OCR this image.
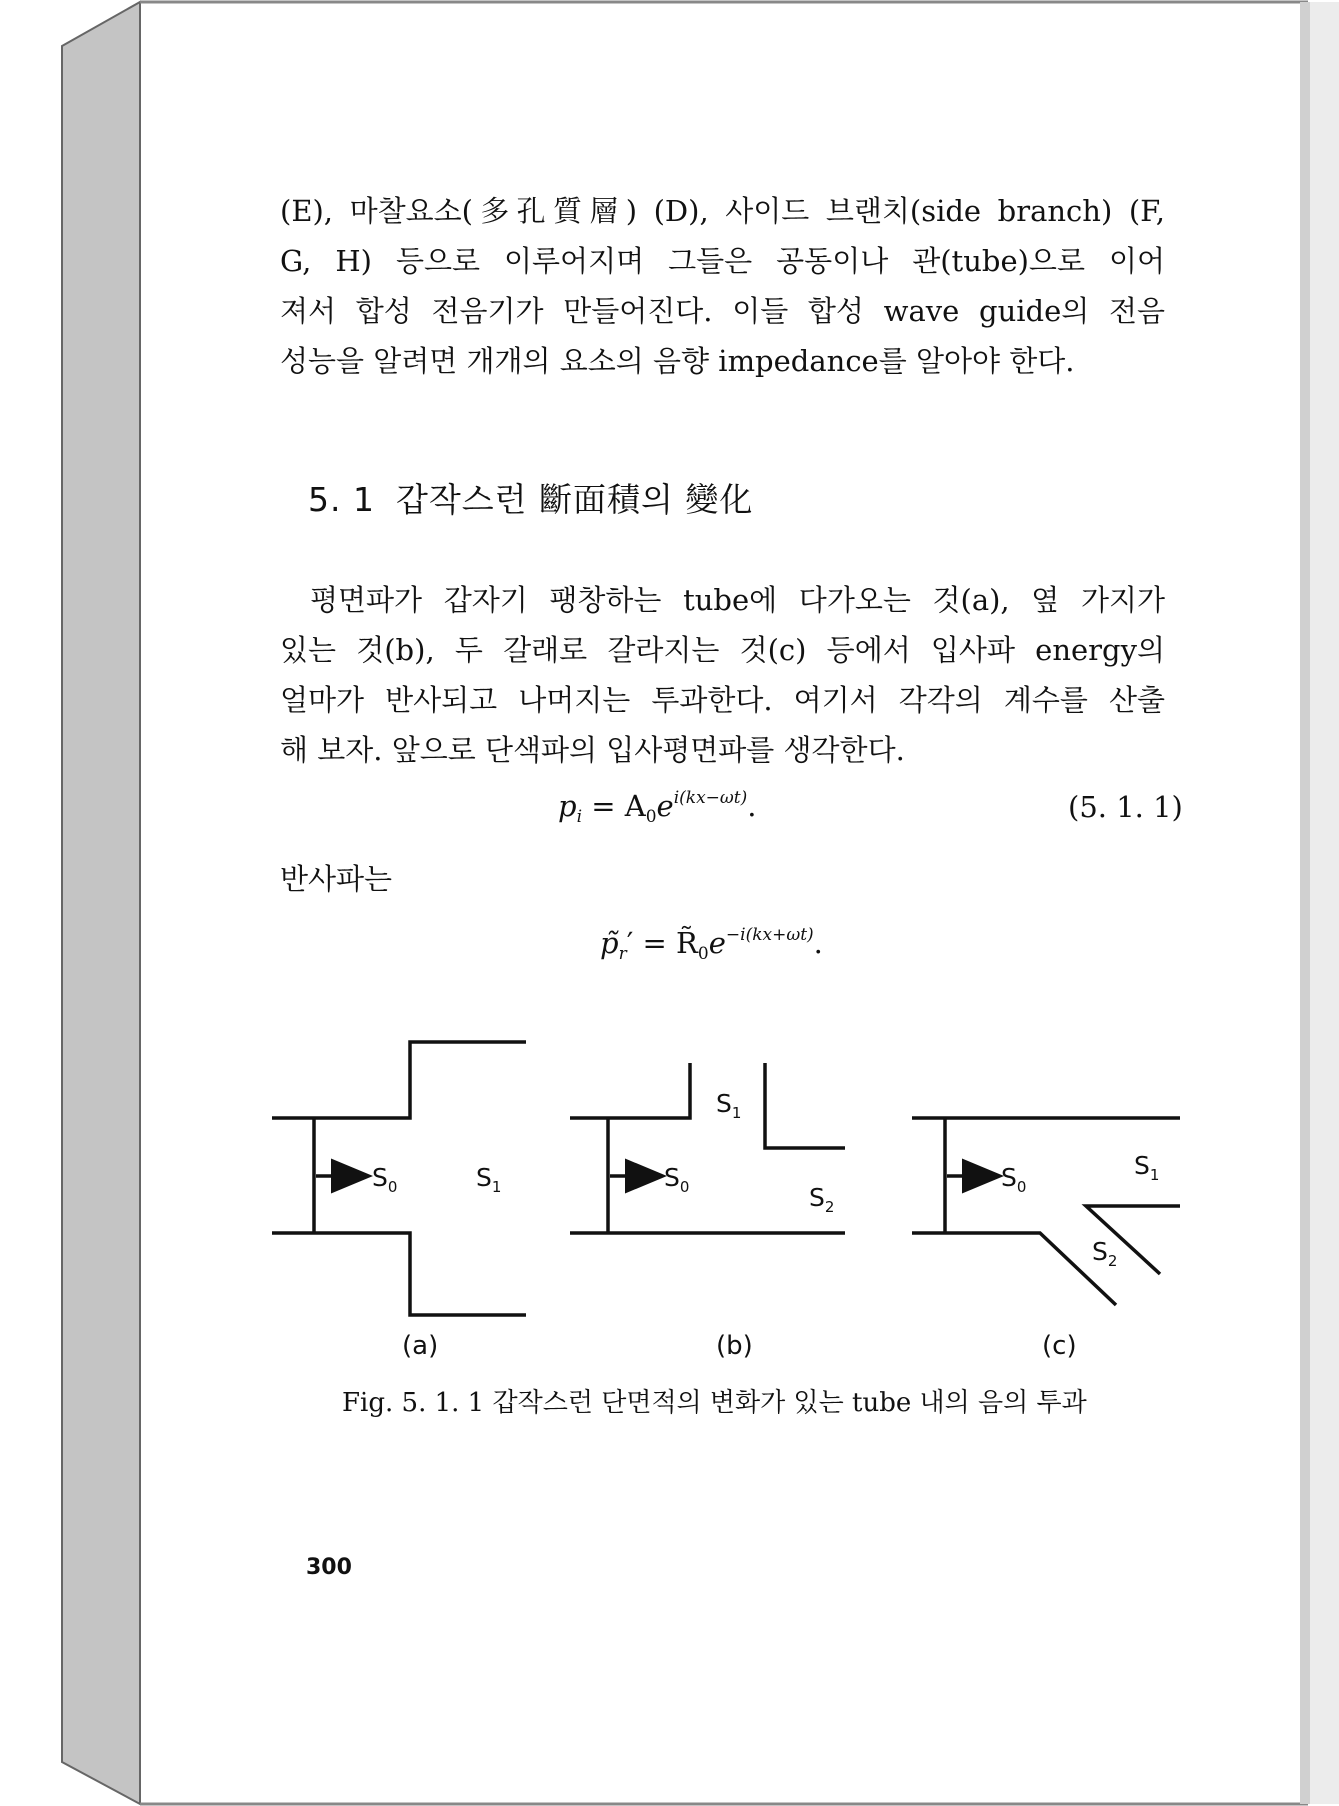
(E), 마찰요소(多孔質層) (D), 사이드 브랜치(side branch) (F,
G, H) 등으로 이루어지며 그들은 공동이나 관(tube)으로 이어
져서 합성 전음기가 만들어진다. 이들 합성 wave guide의 전음
성능을 알려면 개개의 요소의 음향 impedance를 알아야 한다.
5. 1 갑작스런 斷面積의 變化
평면파가 갑자기 팽창하는 tube에 다가오는 것(a), 옆 가지가
있는 것(b), 두 갈래로 갈라지는 것(c) 등에서 입사파 energy의
얼마가 반사되고 나머지는 투과한다. 여기서 각각의 계수를 산출
해 보자. 앞으로 단색파의 입사평면파를 생각한다.
$p_i = A_0e^{i(kx-\omega t)}$.	(5. 1. 1)
반사파는
$p̃_r'$ = $R̃_0e^{-i(kx+\omega t)}$.
$S_0$	$S_1$
(a)
$S_0$
$S_1$
$S_2$
(b)
$S_0$
$S_1$
$S_2$
(c)
Fig. 5. 1. 1 갑작스런 단면적의 변화가 있는 tube 내의 음의 투과
300
